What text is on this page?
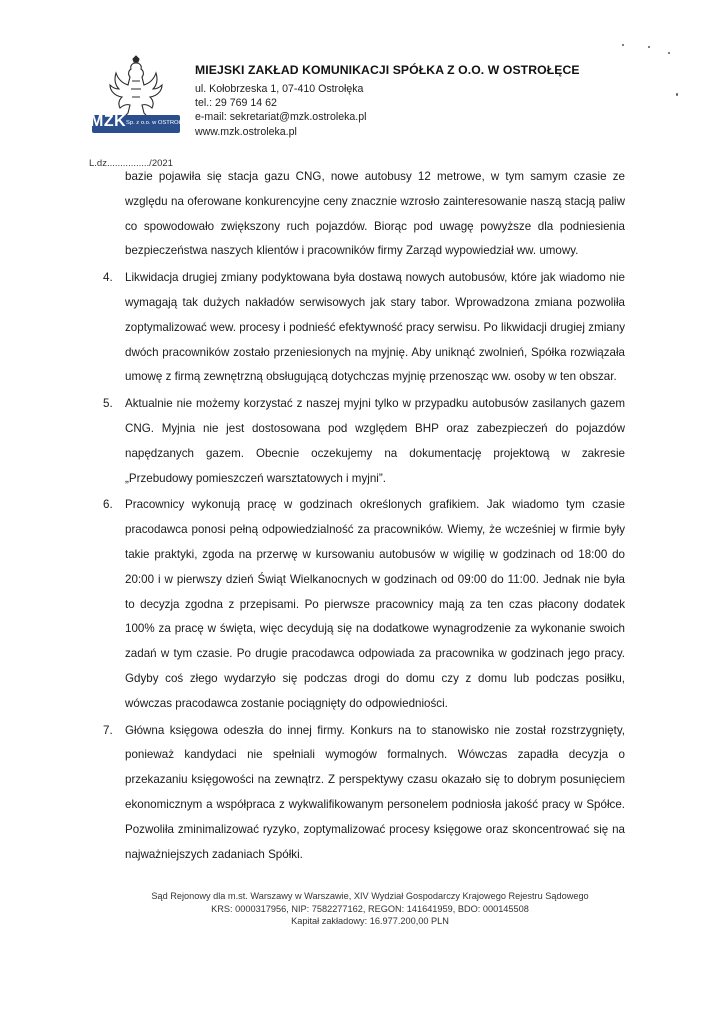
MZK Sp. z o.o. w OSTROŁĘCE
MIEJSKI ZAKŁAD KOMUNIKACJI SPÓŁKA Z O.O. W OSTROŁĘCE
ul. Kołobrzeska 1, 07-410 Ostrołęka
tel.: 29 769 14 62
e-mail: sekretariat@mzk.ostroleka.pl
www.mzk.ostroleka.pl
L.dz................/2021

bazie pojawiła się stacja gazu CNG, nowe autobusy 12 metrowe, w tym samym czasie ze względu na oferowane konkurencyjne ceny znacznie wzrosło zainteresowanie naszą stacją paliw co spowodowało zwiększony ruch pojazdów. Biorąc pod uwagę powyższe dla podniesienia bezpieczeństwa naszych klientów i pracowników firmy Zarząd wypowiedział ww. umowy.

4. Likwidacja drugiej zmiany podyktowana była dostawą nowych autobusów, które jak wiadomo nie wymagają tak dużych nakładów serwisowych jak stary tabor. Wprowadzona zmiana pozwoliła zoptymalizować wew. procesy i podnieść efektywność pracy serwisu. Po likwidacji drugiej zmiany dwóch pracowników zostało przeniesionych na myjnię. Aby uniknąć zwolnień, Spółka rozwiązała umowę z firmą zewnętrzną obsługującą dotychczas myjnię przenosząc ww. osoby w ten obszar.

5. Aktualnie nie możemy korzystać z naszej myjni tylko w przypadku autobusów zasilanych gazem CNG. Myjnia nie jest dostosowana pod względem BHP oraz zabezpieczeń do pojazdów napędzanych gazem. Obecnie oczekujemy na dokumentację projektową w zakresie „Przebudowy pomieszczeń warsztatowych i myjni”.

6. Pracownicy wykonują pracę w godzinach określonych grafikiem. Jak wiadomo tym czasie pracodawca ponosi pełną odpowiedzialność za pracowników. Wiemy, że wcześniej w firmie były takie praktyki, zgoda na przerwę w kursowaniu autobusów w wigilię w godzinach od 18:00 do 20:00 i w pierwszy dzień Świąt Wielkanocnych w godzinach od 09:00 do 11:00. Jednak nie była to decyzja zgodna z przepisami. Po pierwsze pracownicy mają za ten czas płacony dodatek 100% za pracę w święta, więc decydują się na dodatkowe wynagrodzenie za wykonanie swoich zadań w tym czasie. Po drugie pracodawca odpowiada za pracownika w godzinach jego pracy. Gdyby coś złego wydarzyło się podczas drogi do domu czy z domu lub podczas posiłku, wówczas pracodawca zostanie pociągnięty do odpowiedniości.

7. Główna księgowa odeszła do innej firmy. Konkurs na to stanowisko nie został rozstrzygnięty, ponieważ kandydaci nie spełniali wymogów formalnych. Wówczas zapadła decyzja o przekazaniu księgowości na zewnątrz. Z perspektywy czasu okazało się to dobrym posunięciem ekonomicznym a współpraca z wykwalifikowanym personelem podniosła jakość pracy w Spółce. Pozwoliła zminimalizować ryzyko, zoptymalizować procesy księgowe oraz skoncentrować się na najważniejszych zadaniach Spółki.

Sąd Rejonowy dla m.st. Warszawy w Warszawie, XIV Wydział Gospodarczy Krajowego Rejestru Sądowego
KRS: 0000317956, NIP: 7582277162, REGON: 141641959, BDO: 000145508
Kapitał zakładowy: 16.977.200,00 PLN
